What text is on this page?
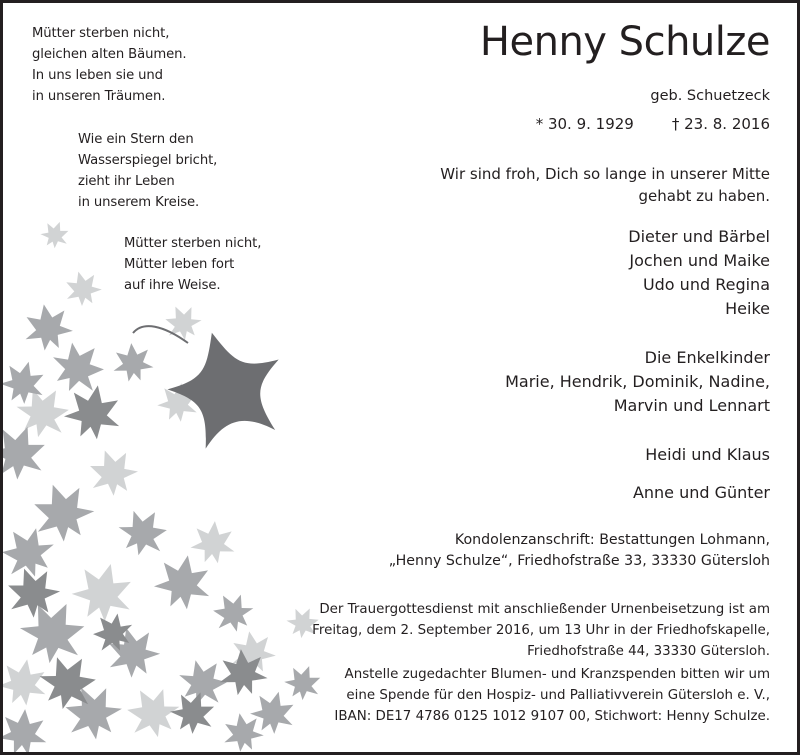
Mütter sterben nicht,
gleichen alten Bäumen.
In uns leben sie und
in unseren Träumen.
Wie ein Stern den
Wasserspiegel bricht,
zieht ihr Leben
in unserem Kreise.
Mütter sterben nicht,
Mütter leben fort
auf ihre Weise.
Henny Schulze
geb. Schuetzeck
* 30. 9. 1929	† 23. 8. 2016
Wir sind froh, Dich so lange in unserer Mitte
gehabt zu haben.
Dieter und Bärbel
Jochen und Maike
Udo und Regina
Heike
Die Enkelkinder
Marie, Hendrik, Dominik, Nadine,
Marvin und Lennart
Heidi und Klaus
Anne und Günter
Kondolenzanschrift: Bestattungen Lohmann,
„Henny Schulze“, Friedhofstraße 33, 33330 Gütersloh
Der Trauergottesdienst mit anschließender Urnenbeisetzung ist am
Freitag, dem 2. September 2016, um 13 Uhr in der Friedhofskapelle,
Friedhofstraße 44, 33330 Gütersloh.
Anstelle zugedachter Blumen- und Kranzspenden bitten wir um
eine Spende für den Hospiz- und Palliativverein Gütersloh e. V.,
IBAN: DE17 4786 0125 1012 9107 00, Stichwort: Henny Schulze.
